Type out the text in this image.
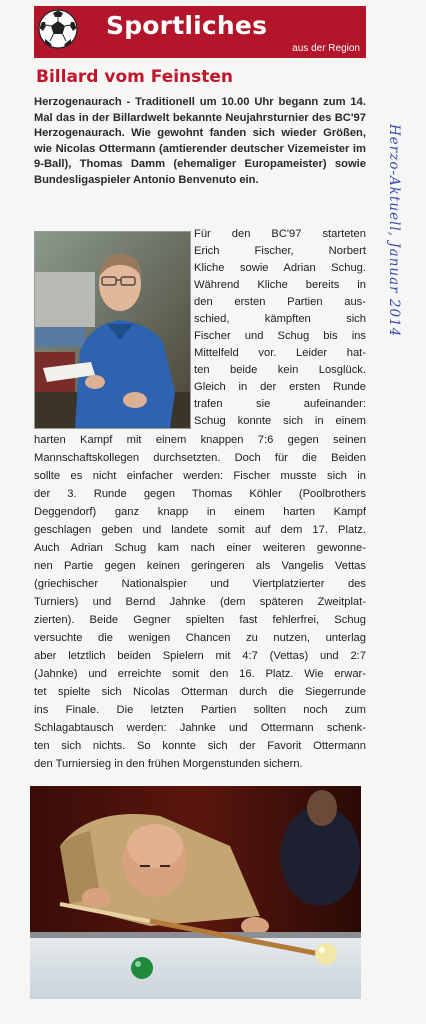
Sportliches
aus der Region
Billard vom Feinsten
Herzogenaurach - Traditionell um 10.00 Uhr begann zum 14. Mal das in der Billardwelt bekannte Neujahrsturnier des BC'97 Herzogenaurach. Wie gewohnt fanden sich wieder Größen, wie Nicolas Ottermann (amtierender deutscher Vizemeister im 9-Ball), Thomas Damm (ehemaliger Europameister) sowie Bundesligaspieler Antonio Benvenuto ein.
Für den BC'97 starteten
Erich Fischer, Norbert
Kliche sowie Adrian Schug.
Während Kliche bereits in
den ersten Partien aus-
schied, kämpften sich
Fischer und Schug bis ins
Mittelfeld vor. Leider hat-
ten beide kein Losglück.
Gleich in der ersten Runde
trafen sie aufeinander:
Schug konnte sich in einem
harten Kampf mit einem knappen 7:6 gegen seinen
Mannschaftskollegen durchsetzten. Doch für die Beiden
sollte es nicht einfacher werden: Fischer musste sich in
der 3. Runde gegen Thomas Köhler (Poolbrothers
Deggendorf) ganz knapp in einem harten Kampf
geschlagen geben und landete somit auf dem 17. Platz.
Auch Adrian Schug kam nach einer weiteren gewonne-
nen Partie gegen keinen geringeren als Vangelis Vettas
(griechischer Nationalspier und Viertplatzierter des
Turniers) und Bernd Jahnke (dem späteren Zweitplat-
zierten). Beide Gegner spielten fast fehlerfrei, Schug
versuchte die wenigen Chancen zu nutzen, unterlag
aber letztlich beiden Spielern mit 4:7 (Vettas) und 2:7
(Jahnke) und erreichte somit den 16. Platz. Wie erwar-
tet spielte sich Nicolas Otterman durch die Siegerrunde
ins Finale. Die letzten Partien sollten noch zum
Schlagabtausch werden: Jahnke und Ottermann schenk-
ten sich nichts. So konnte sich der Favorit Ottermann
den Turniersieg in den frühen Morgenstunden sichern.
Herzo-Aktuell, Januar 2014
